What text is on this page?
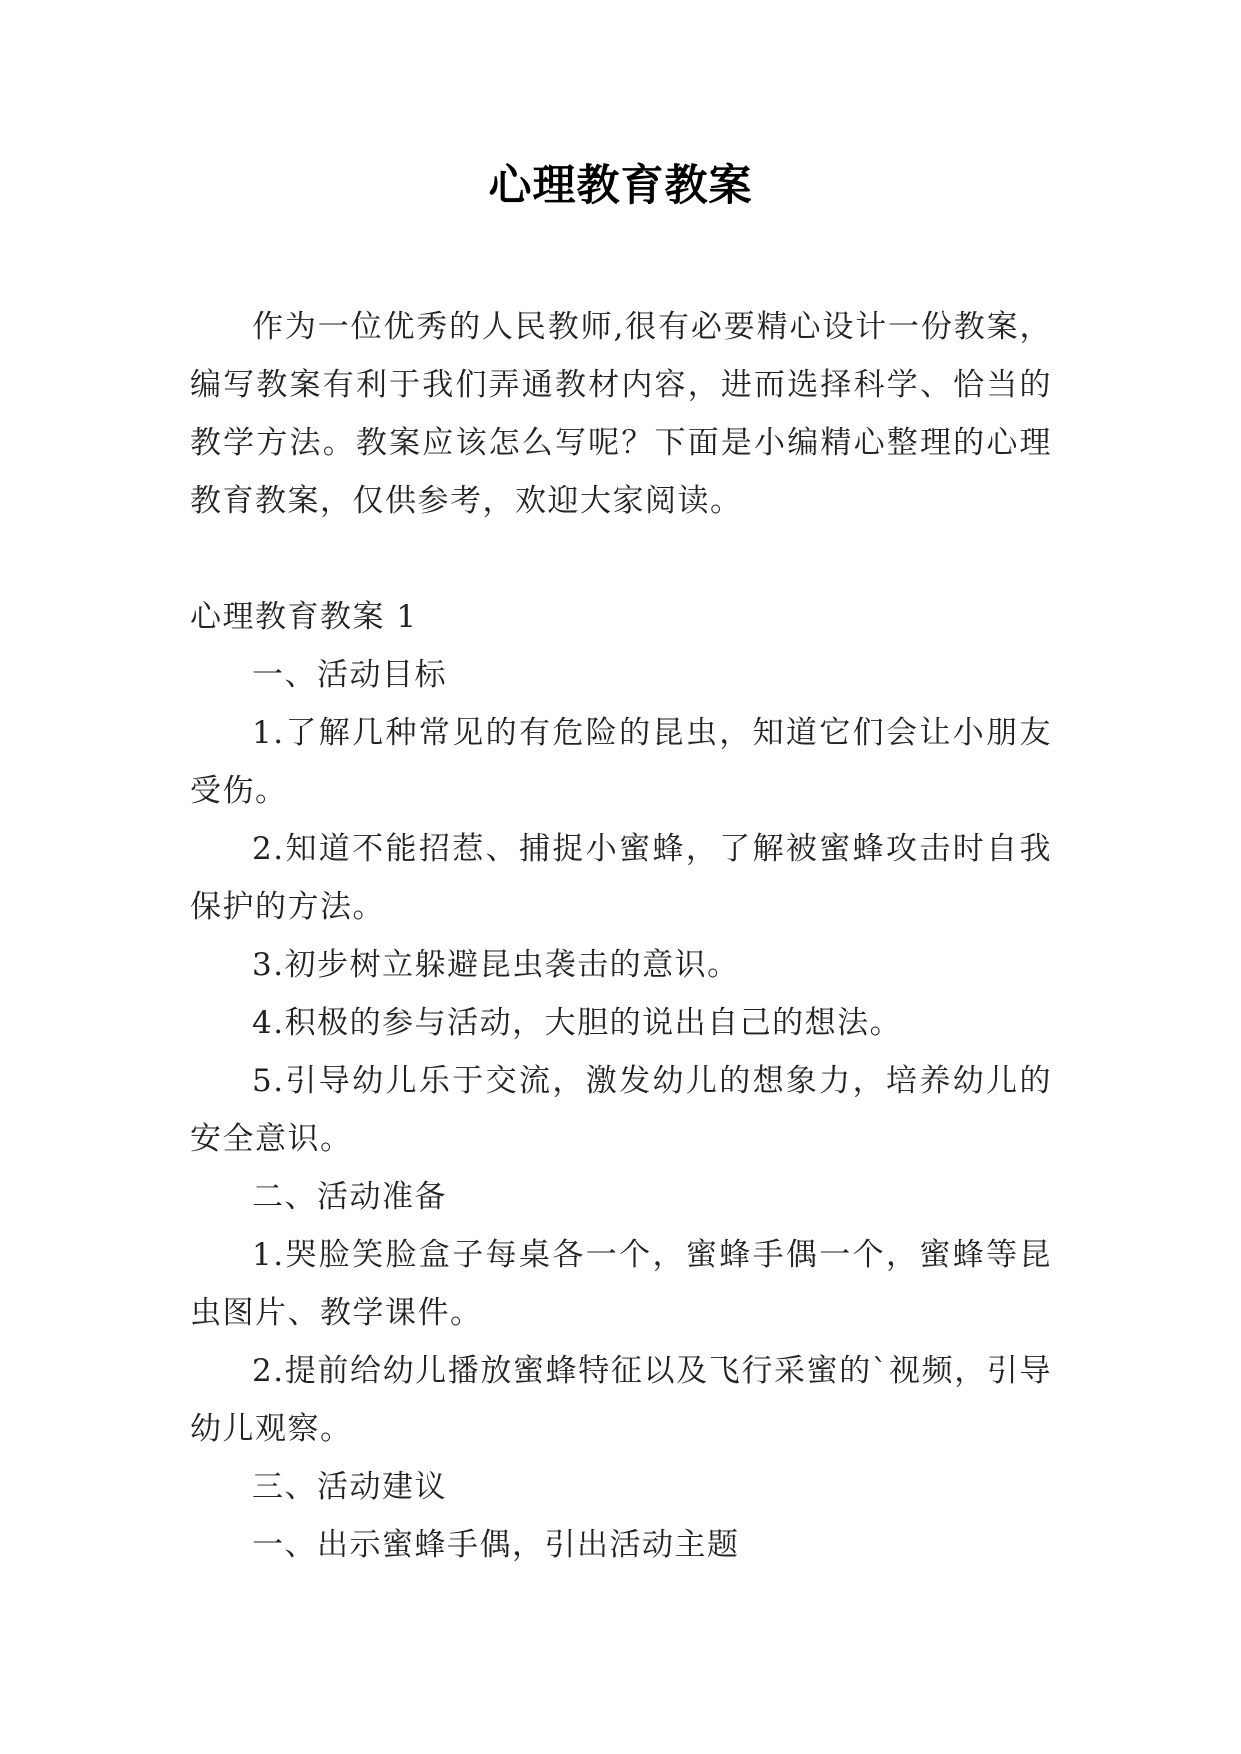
心理教育教案

作为一位优秀的人民教师,很有必要精心设计一份教案，编写教案有利于我们弄通教材内容，进而选择科学、恰当的教学方法。教案应该怎么写呢？下面是小编精心整理的心理教育教案，仅供参考，欢迎大家阅读。

心理教育教案 1

一、活动目标

1.了解几种常见的有危险的昆虫，知道它们会让小朋友受伤。

2.知道不能招惹、捕捉小蜜蜂，了解被蜜蜂攻击时自我保护的方法。

3.初步树立躲避昆虫袭击的意识。

4.积极的参与活动，大胆的说出自己的想法。

5.引导幼儿乐于交流，激发幼儿的想象力，培养幼儿的安全意识。

二、活动准备

1.哭脸笑脸盒子每桌各一个，蜜蜂手偶一个，蜜蜂等昆虫图片、教学课件。

2.提前给幼儿播放蜜蜂特征以及飞行采蜜的`视频，引导幼儿观察。

三、活动建议

一、出示蜜蜂手偶，引出活动主题
